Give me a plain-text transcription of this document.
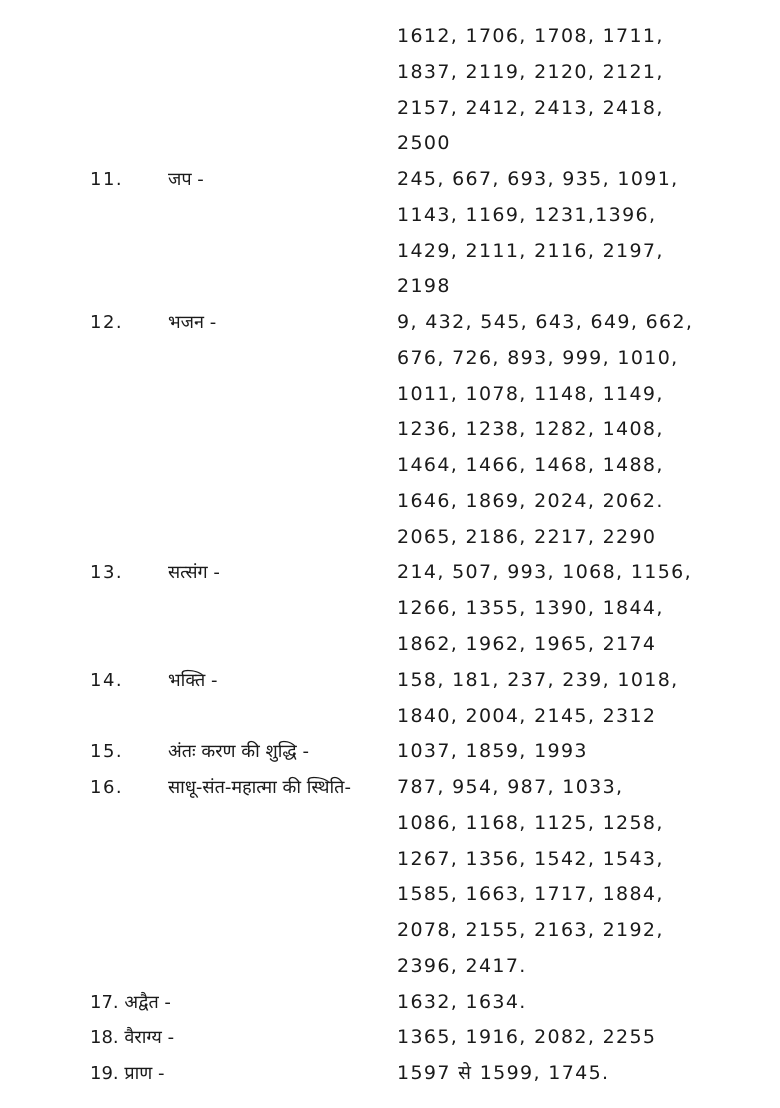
1612, 1706, 1708, 1711,
1837, 2119, 2120, 2121,
2157, 2412, 2413, 2418,
2500
11.	जप -	245, 667, 693, 935, 1091,
1143, 1169, 1231,1396,
1429, 2111, 2116, 2197,
2198
12.	भजन -	9, 432, 545, 643, 649, 662,
676, 726, 893, 999, 1010,
1011, 1078, 1148, 1149,
1236, 1238, 1282, 1408,
1464, 1466, 1468, 1488,
1646, 1869, 2024, 2062.
2065, 2186, 2217, 2290
13.	सत्संग -	214, 507, 993, 1068, 1156,
1266, 1355, 1390, 1844,
1862, 1962, 1965, 2174
14.	भक्ति -	158, 181, 237, 239, 1018,
1840, 2004, 2145, 2312
15.	अंतः करण की शुद्धि -	1037, 1859, 1993
16.	साधू-संत-महात्मा की स्थिति-	787, 954, 987, 1033,
1086, 1168, 1125, 1258,
1267, 1356, 1542, 1543,
1585, 1663, 1717, 1884,
2078, 2155, 2163, 2192,
2396, 2417.
17. अद्वैत -	1632, 1634.
18. वैराग्य -	1365, 1916, 2082, 2255
19. प्राण -	1597 से 1599, 1745.
